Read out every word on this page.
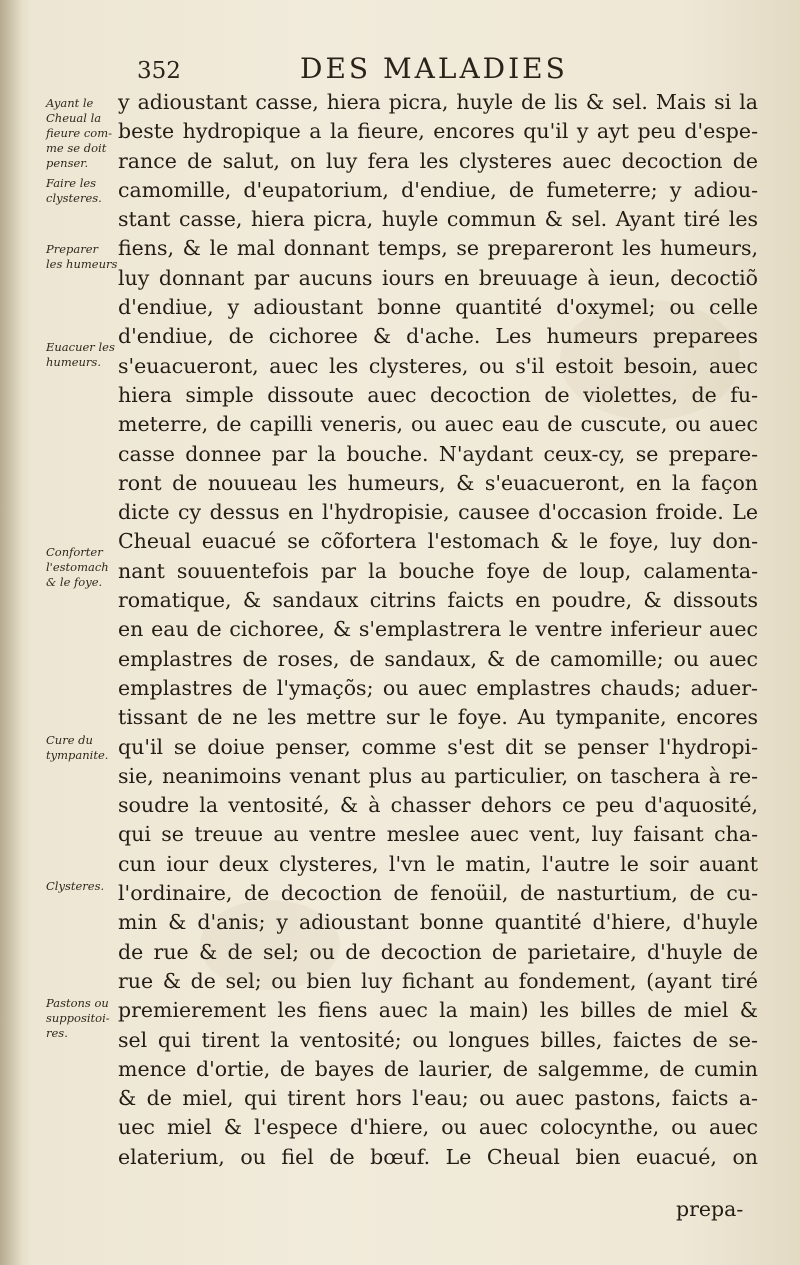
352	DES MALADIES
Ayant le
Cheual la
fieure com-
me se doit
penser.
Faire les
clysteres.
Preparer
les humeurs
Euacuer les
humeurs.
Conforter
l'estomach
& le foye.
Cure du
tympanite.
Clysteres.
Pastons ou
suppositoi-
res.
y adioustant casse, hiera picra, huyle de lis & sel. Mais si la
beste hydropique a la fieure, encores qu'il y ayt peu d'espe-
rance de salut, on luy fera les clysteres auec decoction de
camomille, d'eupatorium, d'endiue, de fumeterre; y adiou-
stant casse, hiera picra, huyle commun & sel. Ayant tiré les
fiens, & le mal donnant temps, se prepareront les humeurs,
luy donnant par aucuns iours en breuuage à ieun, decoctiõ
d'endiue, y adioustant bonne quantité d'oxymel; ou celle
d'endiue, de cichoree & d'ache. Les humeurs preparees
s'euacueront, auec les clysteres, ou s'il estoit besoin, auec
hiera simple dissoute auec decoction de violettes, de fu-
meterre, de capilli veneris, ou auec eau de cuscute, ou auec
casse donnee par la bouche. N'aydant ceux-cy, se prepare-
ront de nouueau les humeurs, & s'euacueront, en la façon
dicte cy dessus en l'hydropisie, causee d'occasion froide. Le
Cheual euacué se cõfortera l'estomach & le foye, luy don-
nant souuentefois par la bouche foye de loup, calamenta-
romatique, & sandaux citrins faicts en poudre, & dissouts
en eau de cichoree, & s'emplastrera le ventre inferieur auec
emplastres de roses, de sandaux, & de camomille; ou auec
emplastres de l'ymaçõs; ou auec emplastres chauds; aduer-
tissant de ne les mettre sur le foye. Au tympanite, encores
qu'il se doiue penser, comme s'est dit se penser l'hydropi-
sie, neanimoins venant plus au particulier, on taschera à re-
soudre la ventosité, & à chasser dehors ce peu d'aquosité,
qui se treuue au ventre meslee auec vent, luy faisant cha-
cun iour deux clysteres, l'vn le matin, l'autre le soir auant
l'ordinaire, de decoction de fenoüil, de nasturtium, de cu-
min & d'anis; y adioustant bonne quantité d'hiere, d'huyle
de rue & de sel; ou de decoction de parietaire, d'huyle de
rue & de sel; ou bien luy fichant au fondement, (ayant tiré
premierement les fiens auec la main) les billes de miel &
sel qui tirent la ventosité; ou longues billes, faictes de se-
mence d'ortie, de bayes de laurier, de salgemme, de cumin
& de miel, qui tirent hors l'eau; ou auec pastons, faicts a-
uec miel & l'espece d'hiere, ou auec colocynthe, ou auec
elaterium, ou fiel de bœuf. Le Cheual bien euacué, on
prepa-
